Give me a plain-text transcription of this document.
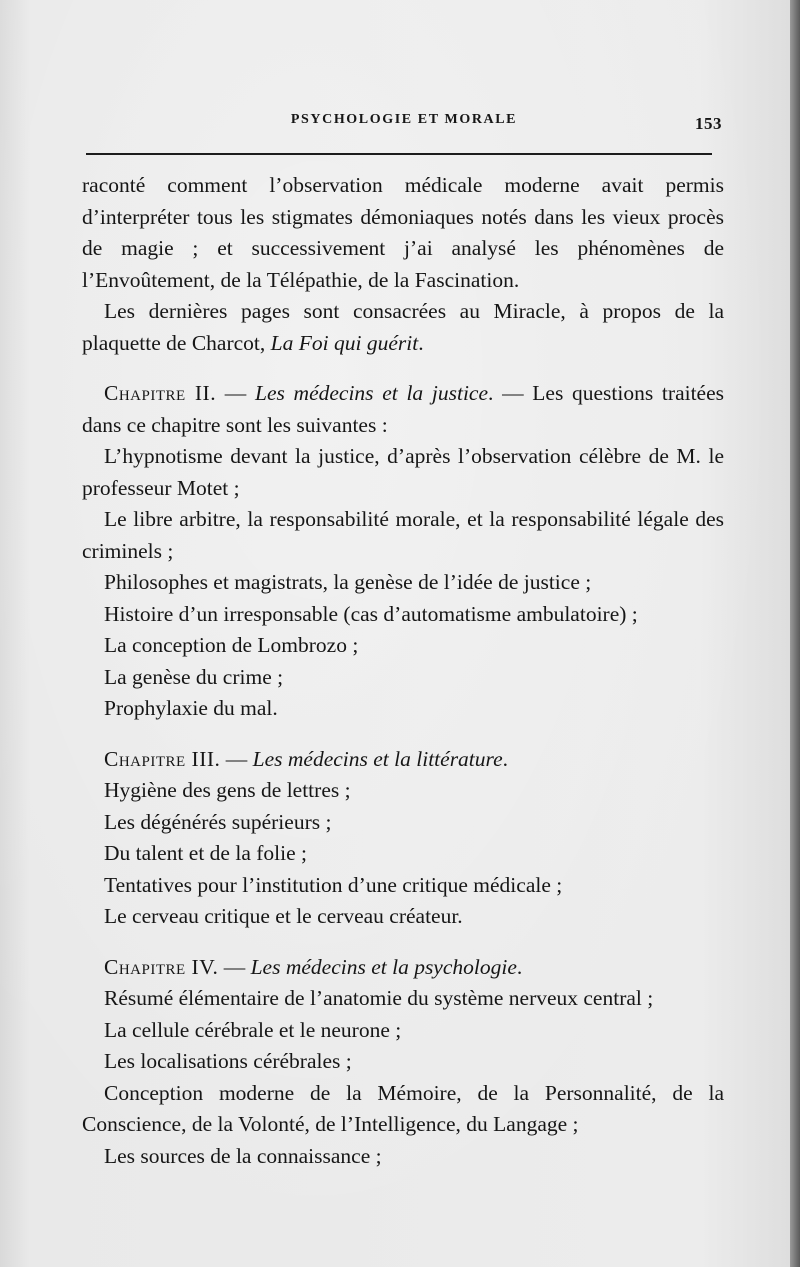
PSYCHOLOGIE ET MORALE	153

raconté comment l’observation médicale moderne avait permis d’interpréter tous les stigmates démoniaques notés dans les vieux procès de magie ; et successivement j’ai analysé les phénomènes de l’Envoûtement, de la Télépathie, de la Fascination.

Les dernières pages sont consacrées au Miracle, à propos de la plaquette de Charcot, La Foi qui guérit.

Chapitre II. — Les médecins et la justice. — Les questions traitées dans ce chapitre sont les suivantes :

L’hypnotisme devant la justice, d’après l’observation célèbre de M. le professeur Motet ;

Le libre arbitre, la responsabilité morale, et la responsabilité légale des criminels ;

Philosophes et magistrats, la genèse de l’idée de justice ;

Histoire d’un irresponsable (cas d’automatisme ambulatoire) ;

La conception de Lombrozo ;

La genèse du crime ;

Prophylaxie du mal.

Chapitre III. — Les médecins et la littérature.

Hygiène des gens de lettres ;

Les dégénérés supérieurs ;

Du talent et de la folie ;

Tentatives pour l’institution d’une critique médicale ;

Le cerveau critique et le cerveau créateur.

Chapitre IV. — Les médecins et la psychologie.

Résumé élémentaire de l’anatomie du système nerveux central ;

La cellule cérébrale et le neurone ;

Les localisations cérébrales ;

Conception moderne de la Mémoire, de la Personnalité, de la Conscience, de la Volonté, de l’Intelligence, du Langage ;

Les sources de la connaissance ;
